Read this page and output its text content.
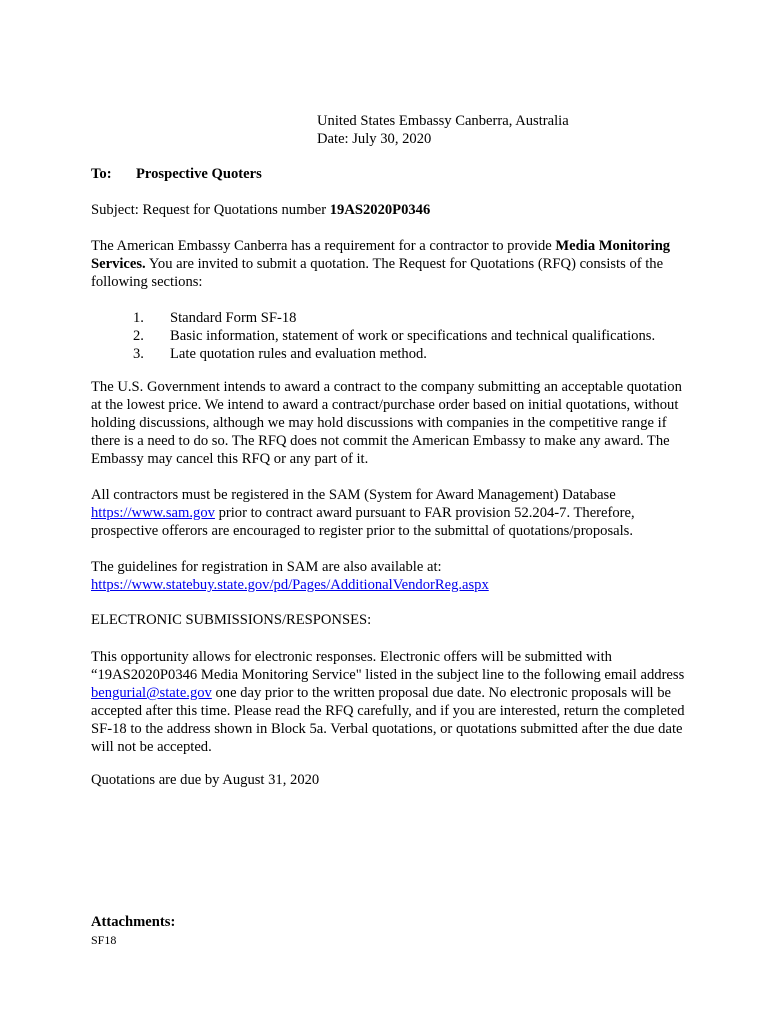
United States Embassy Canberra, Australia
Date: July 30, 2020
To: Prospective Quoters

Subject: Request for Quotations number 19AS2020P0346

The American Embassy Canberra has a requirement for a contractor to provide Media Monitoring Services. You are invited to submit a quotation. The Request for Quotations (RFQ) consists of the following sections:

1. Standard Form SF-18
2. Basic information, statement of work or specifications and technical qualifications.
3. Late quotation rules and evaluation method.

The U.S. Government intends to award a contract to the company submitting an acceptable quotation at the lowest price. We intend to award a contract/purchase order based on initial quotations, without holding discussions, although we may hold discussions with companies in the competitive range if there is a need to do so. The RFQ does not commit the American Embassy to make any award. The Embassy may cancel this RFQ or any part of it.

All contractors must be registered in the SAM (System for Award Management) Database https://www.sam.gov prior to contract award pursuant to FAR provision 52.204-7. Therefore, prospective offerors are encouraged to register prior to the submittal of quotations/proposals.

The guidelines for registration in SAM are also available at:
https://www.statebuy.state.gov/pd/Pages/AdditionalVendorReg.aspx

ELECTRONIC SUBMISSIONS/RESPONSES:

This opportunity allows for electronic responses. Electronic offers will be submitted with “19AS2020P0346 Media Monitoring Service" listed in the subject line to the following email address bengurial@state.gov one day prior to the written proposal due date. No electronic proposals will be accepted after this time. Please read the RFQ carefully, and if you are interested, return the completed SF-18 to the address shown in Block 5a. Verbal quotations, or quotations submitted after the due date will not be accepted.

Quotations are due by August 31, 2020

Attachments:
SF18
